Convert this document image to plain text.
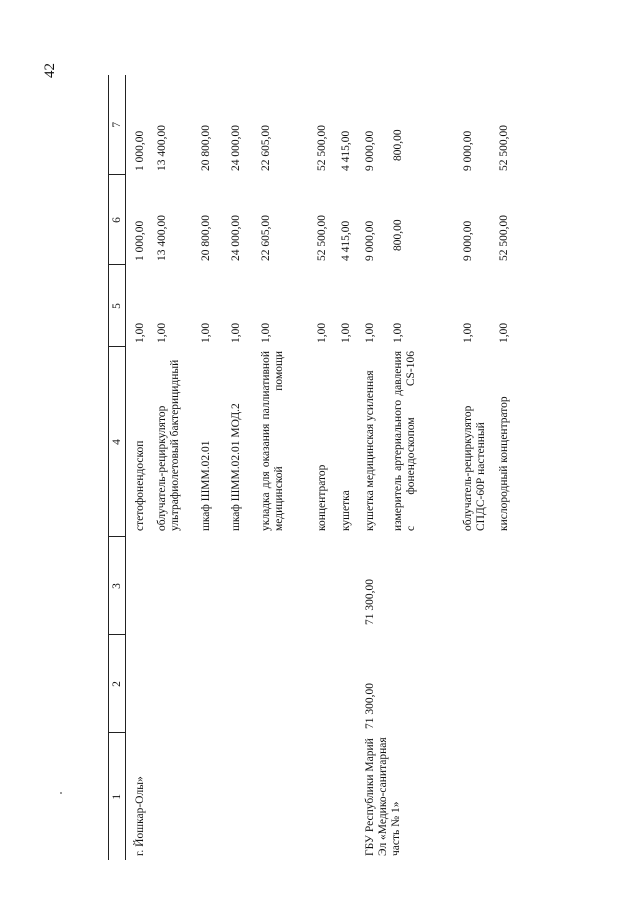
42
1	2	3	4	5	6	7
г. Йошкар-Олы»			стетофонендоскоп	1,00	1 000,00	1 000,00
			облучатель-рециркулятор ультрафиолетовый бактерицидный	1,00	13 400,00	13 400,00
			шкаф ШММ.02.01	1,00	20 800,00	20 800,00
			шкаф ШММ.02.01 МОД.2	1,00	24 000,00	24 000,00
			укладка для оказания паллиативной медицинской помощи	1,00	22 605,00	22 605,00
			концентратор	1,00	52 500,00	52 500,00
			кушетка	1,00	4 415,00	4 415,00
ГБУ Республики Марий Эл «Медико-санитарная часть № 1»	71 300,00	71 300,00	кушетка медицинская усиленная	1,00	9 000,00	9 000,00
			измеритель артериального давления с фонендоскопом CS-106	1,00	800,00	800,00
			облучатель-рециркулятор СПДС-60Р настенный	1,00	9 000,00	9 000,00
			кислородный концентратор	1,00	52 500,00	52 500,00
